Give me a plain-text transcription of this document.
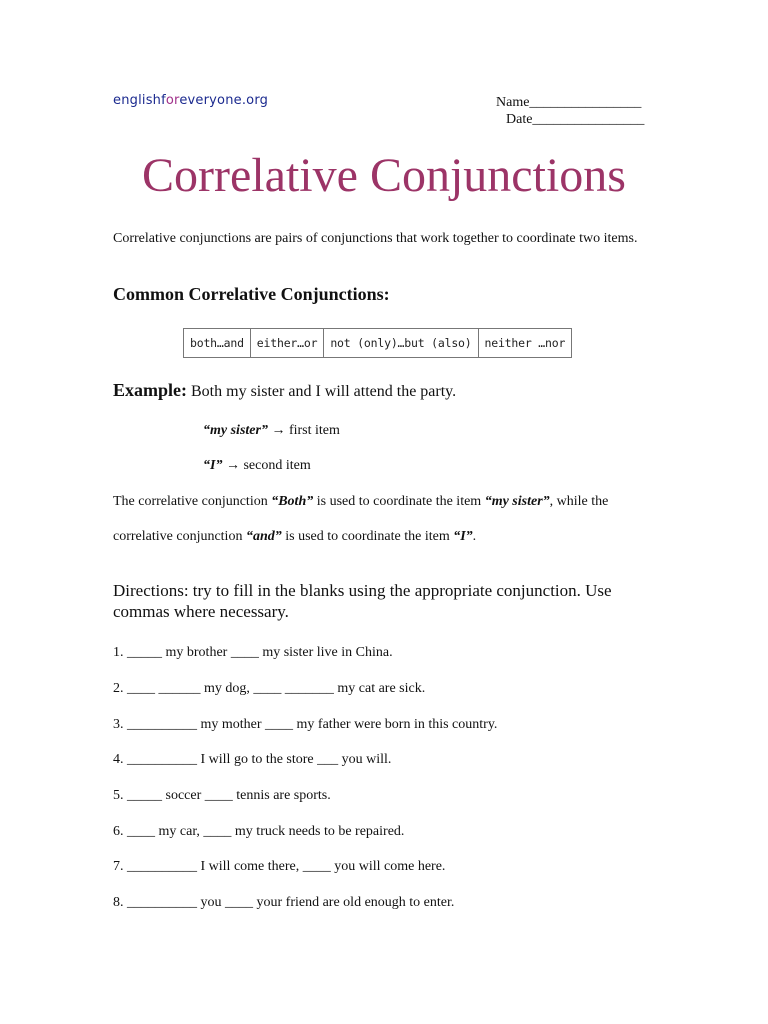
englishforeveryone.org	Name________________
Date________________
Correlative Conjunctions
Correlative conjunctions are pairs of conjunctions that work together to coordinate two items.
Common Correlative Conjunctions:
both…and	either…or	not (only)…but (also)	neither …nor
Example: Both my sister and I will attend the party.
“my sister” → first item
“I” → second item
The correlative conjunction “Both” is used to coordinate the item “my sister”, while the
correlative conjunction “and” is used to coordinate the item “I”.
Directions: try to fill in the blanks using the appropriate conjunction. Use commas where necessary.
1. _____ my brother ____ my sister live in China.
2. ____ ______ my dog, ____ _______ my cat are sick.
3. __________ my mother ____ my father were born in this country.
4. __________ I will go to the store ___ you will.
5. _____ soccer ____ tennis are sports.
6. ____ my car, ____ my truck needs to be repaired.
7. __________ I will come there, ____ you will come here.
8. __________ you ____ your friend are old enough to enter.
